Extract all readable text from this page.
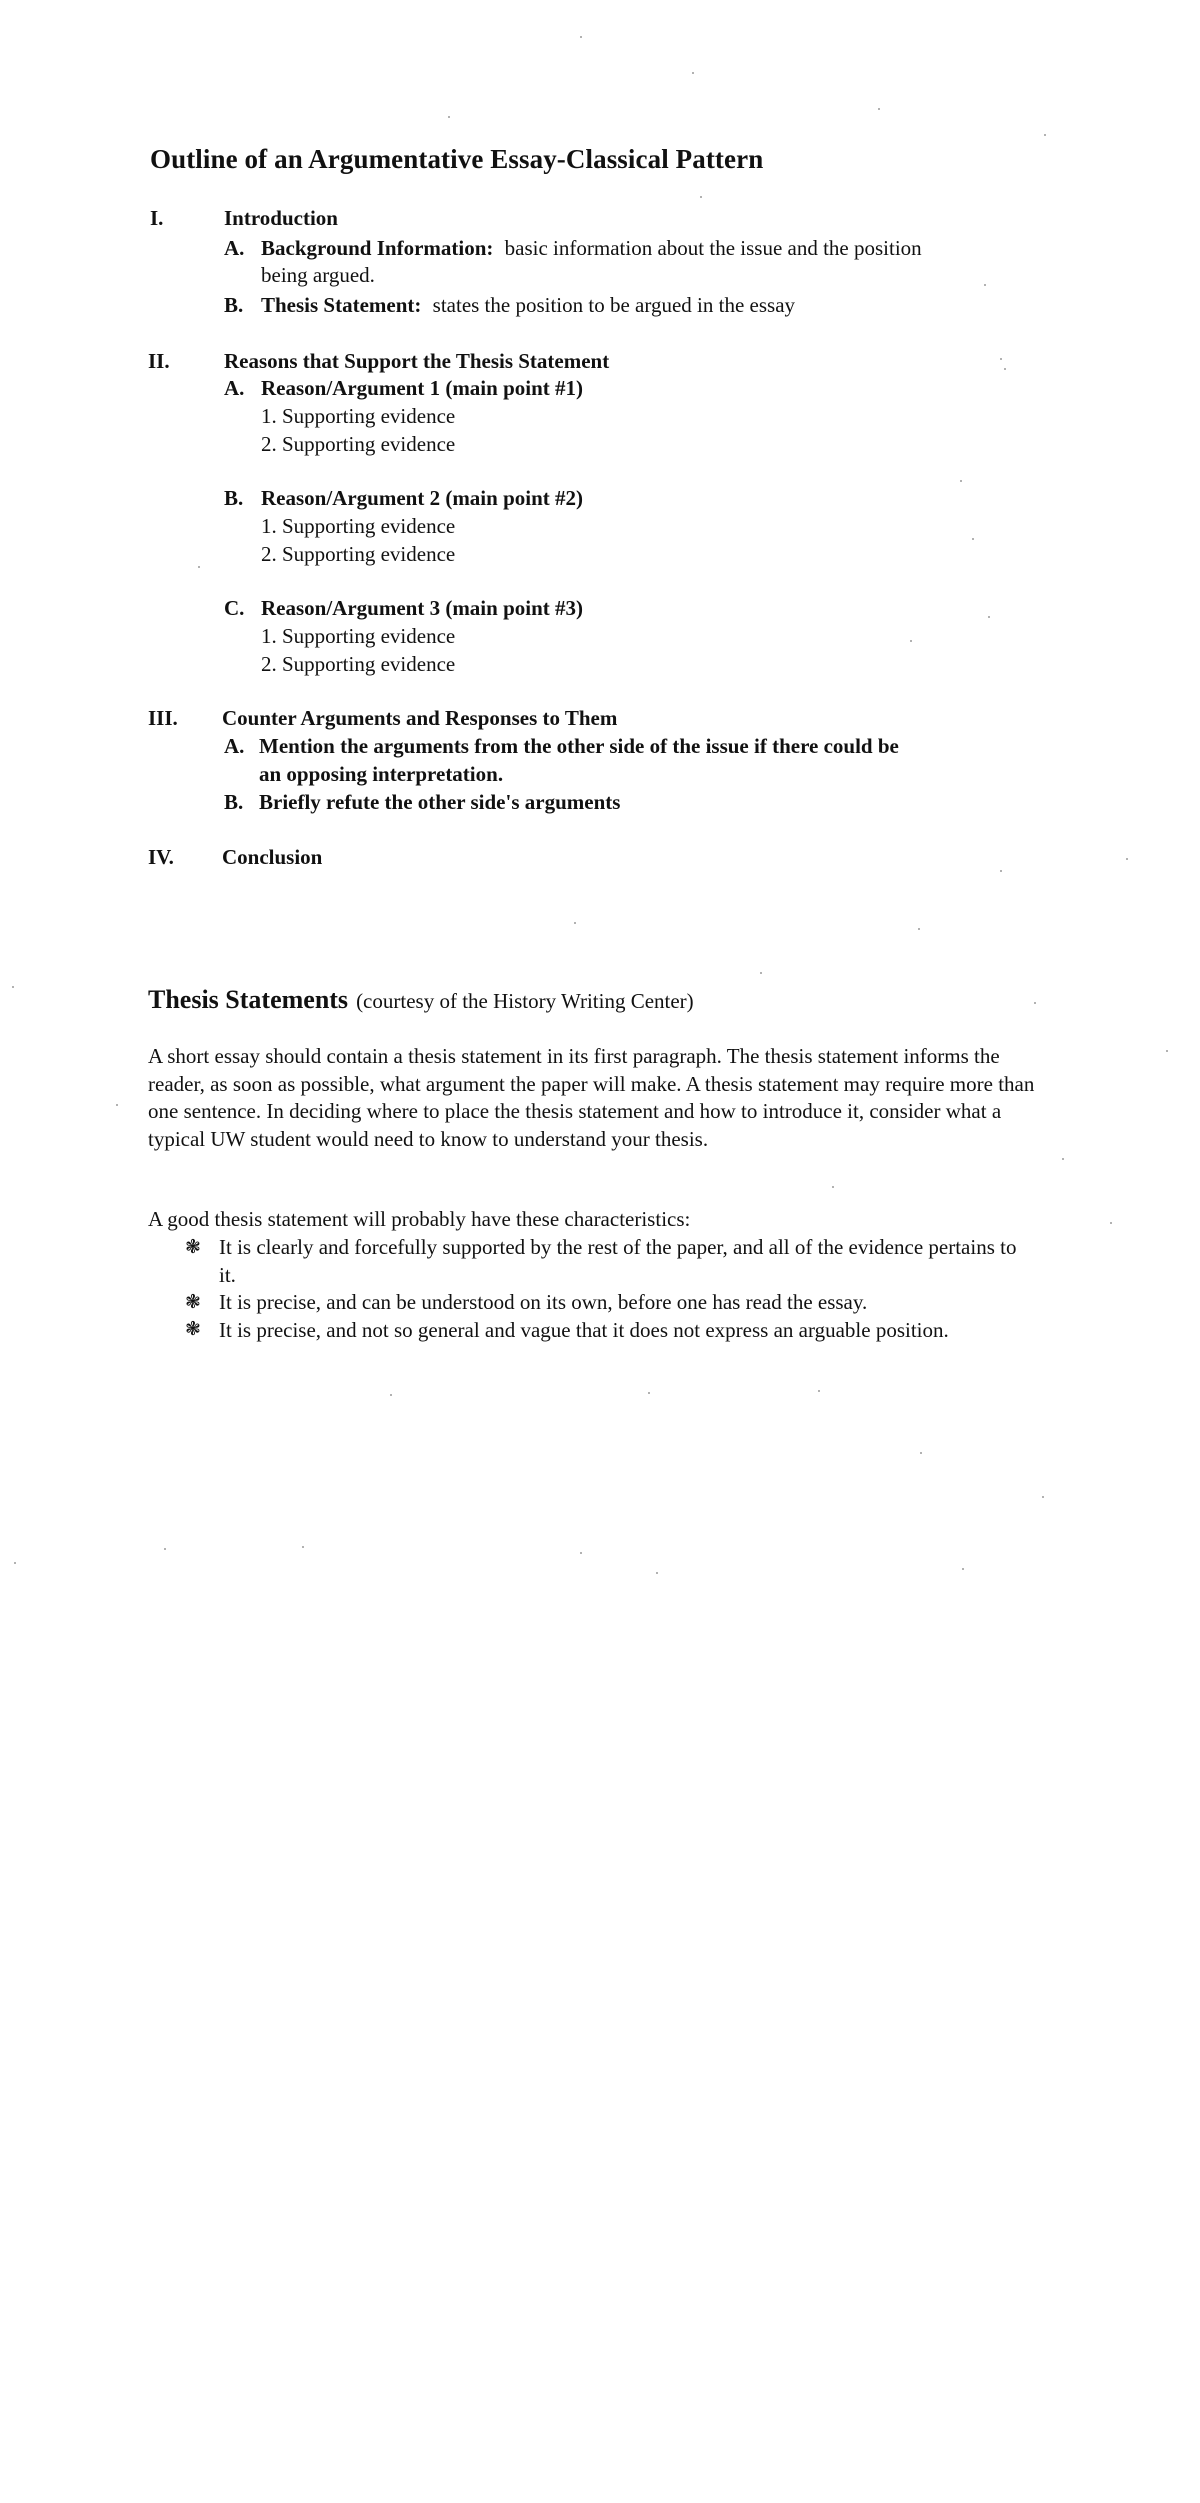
Outline of an Argumentative Essay-Classical Pattern
I.	Introduction
A. Background Information: basic information about the issue and the position
being argued.
B. Thesis Statement: states the position to be argued in the essay
II.	Reasons that Support the Thesis Statement
A. Reason/Argument 1 (main point #1)
1. Supporting evidence
2. Supporting evidence
B. Reason/Argument 2 (main point #2)
1. Supporting evidence
2. Supporting evidence
C. Reason/Argument 3 (main point #3)
1. Supporting evidence
2. Supporting evidence
III. Counter Arguments and Responses to Them
A. Mention the arguments from the other side of the issue if there could be
an opposing interpretation.
B. Briefly refute the other side's arguments
IV. Conclusion
Thesis Statements (courtesy of the History Writing Center)
A short essay should contain a thesis statement in its first paragraph. The thesis statement informs the reader, as soon as possible, what argument the paper will make. A thesis statement may require more than one sentence. In deciding where to place the thesis statement and how to introduce it, consider what a typical UW student would need to know to understand your thesis.
A good thesis statement will probably have these characteristics:
❃ It is clearly and forcefully supported by the rest of the paper, and all of the evidence pertains to it.
❃ It is precise, and can be understood on its own, before one has read the essay.
❃ It is precise, and not so general and vague that it does not express an arguable position.
